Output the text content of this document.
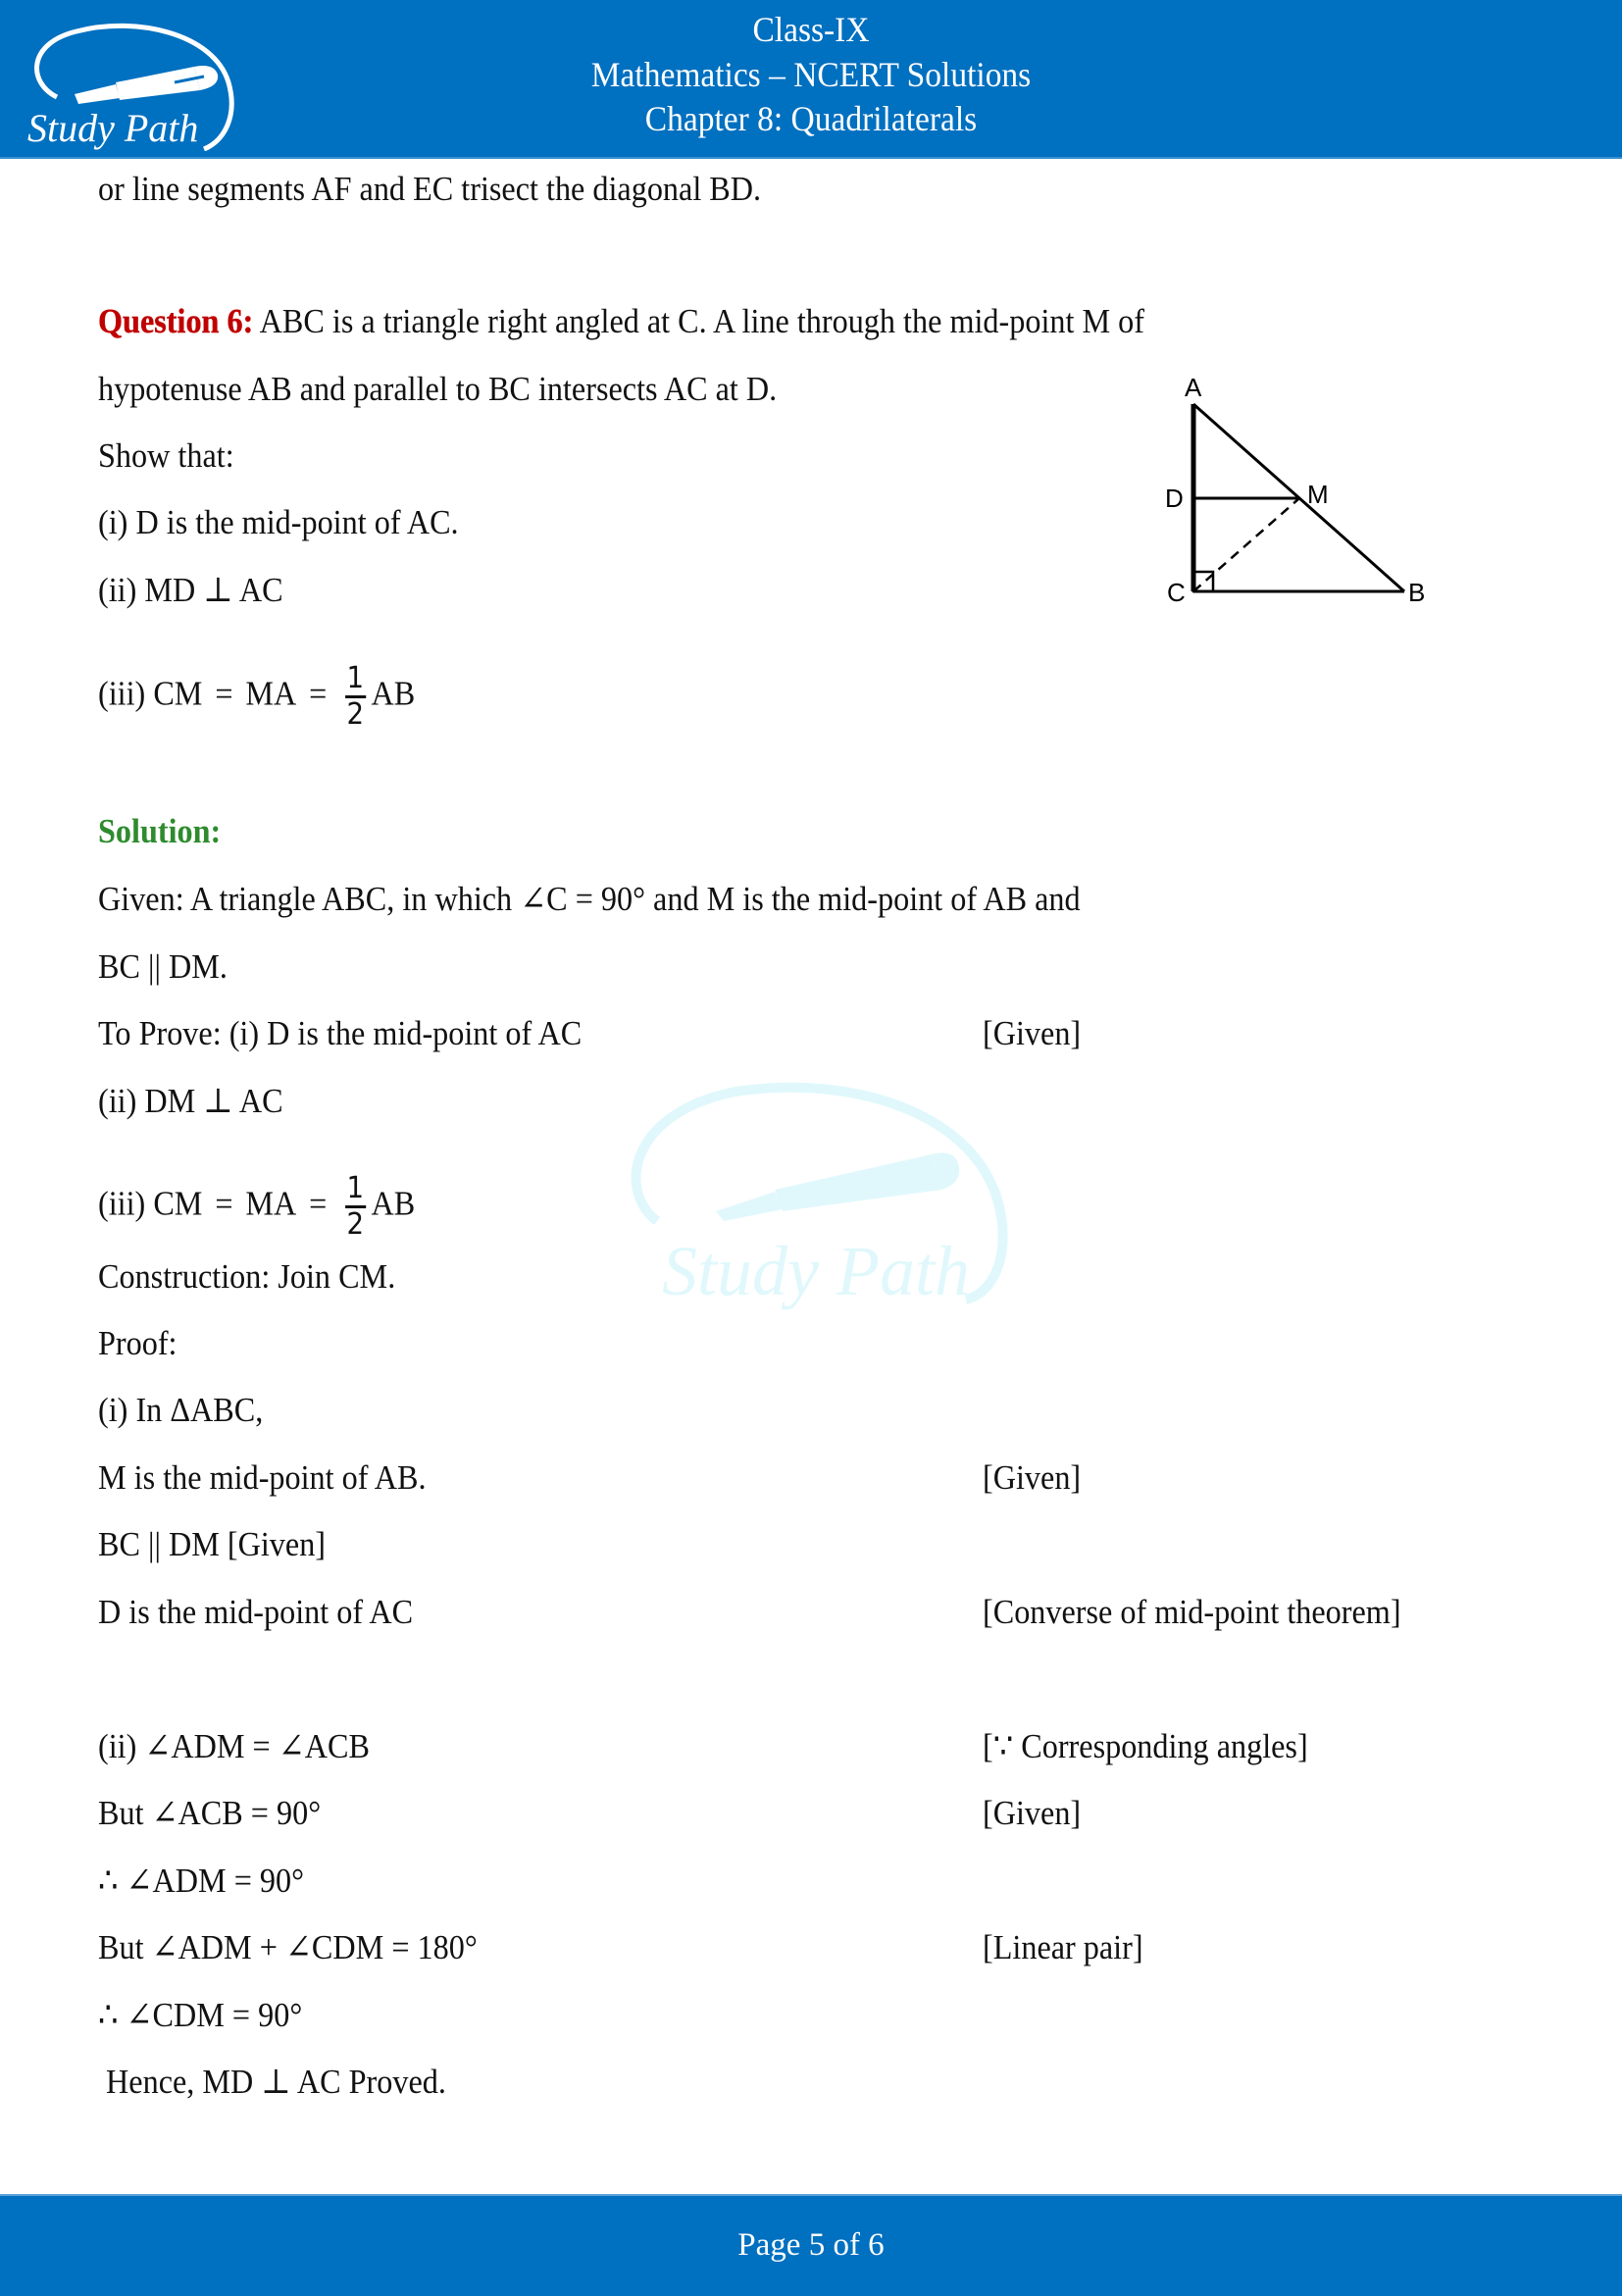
Study Path
Class-IX
Mathematics – NCERT Solutions
Chapter 8: Quadrilaterals
Study Path
or line segments AF and EC trisect the diagonal BD.
Question 6: ABC is a triangle right angled at C. A line through the mid-point M of
hypotenuse AB and parallel to BC intersects AC at D.
Show that:
(i) D is the mid-point of AC.
(ii) MD ⊥ AC
(iii) CM = MA = $\frac{1}{2}$ AB
A
D	M
C	B
Solution:
Given: A triangle ABC, in which ∠C = 90° and M is the mid-point of AB and
BC || DM.
To Prove: (i) D is the mid-point of AC	[Given]
(ii) DM ⊥ AC
(iii) CM = MA = $\frac{1}{2}$ AB
Construction: Join CM.
Proof:
(i) In ΔABC,
M is the mid-point of AB.	[Given]
BC || DM [Given]
D is the mid-point of AC	[Converse of mid-point theorem]
(ii) ∠ADM = ∠ACB	[∵ Corresponding angles]
But ∠ACB = 90°	[Given]
∴ ∠ADM = 90°
But ∠ADM + ∠CDM = 180°	[Linear pair]
∴ ∠CDM = 90°
Hence, MD ⊥ AC Proved.
Page 5 of 6
